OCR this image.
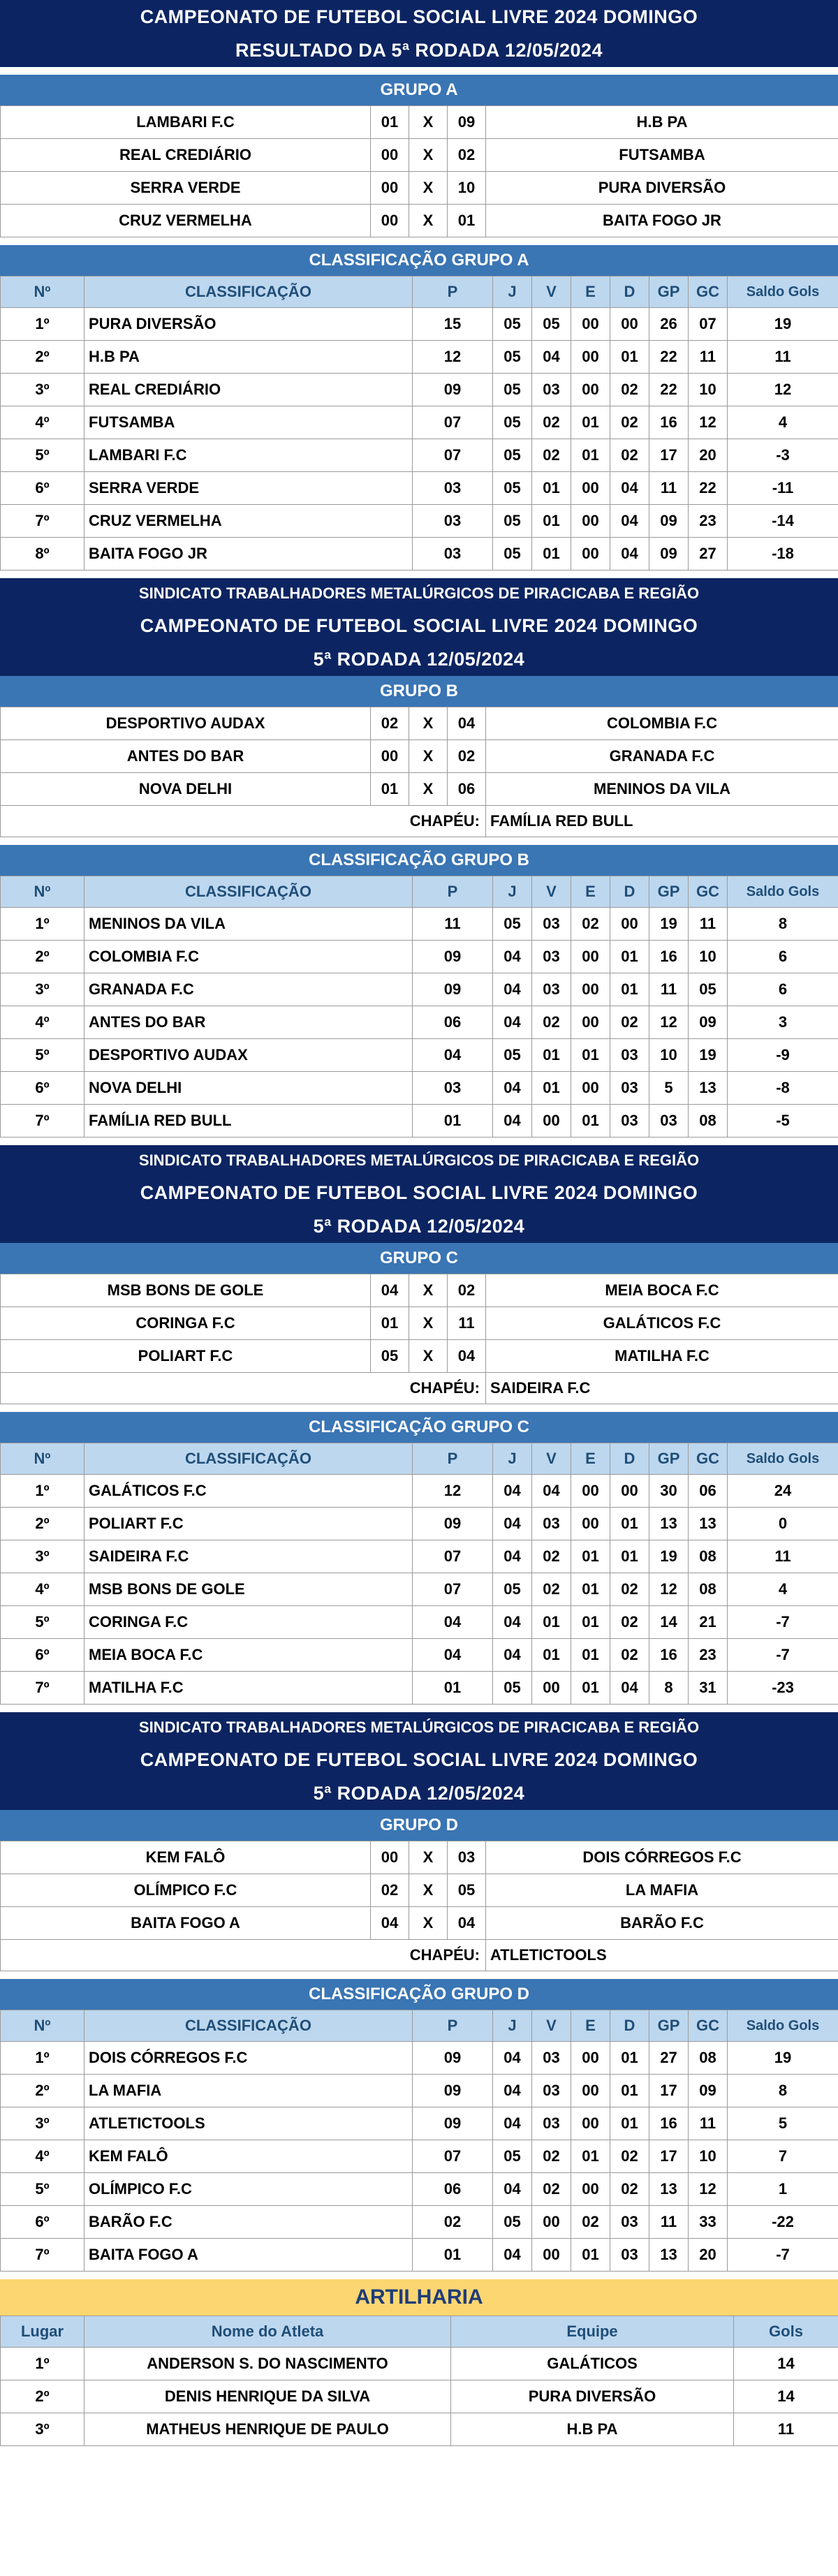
CAMPEONATO DE FUTEBOL SOCIAL LIVRE 2024 DOMINGO
RESULTADO DA 5ª RODADA 12/05/2024
GRUPO A
LAMBARI F.C	01	X	09	H.B PA
REAL CREDIÁRIO	00	X	02	FUTSAMBA
SERRA VERDE	00	X	10	PURA DIVERSÃO
CRUZ VERMELHA	00	X	01	BAITA FOGO JR
CLASSIFICAÇÃO GRUPO A
Nº	CLASSIFICAÇÃO	P	J	V	E	D	GP	GC	Saldo Gols
1º	PURA DIVERSÃO	15	05	05	00	00	26	07	19
2º	H.B PA	12	05	04	00	01	22	11	11
3º	REAL CREDIÁRIO	09	05	03	00	02	22	10	12
4º	FUTSAMBA	07	05	02	01	02	16	12	4
5º	LAMBARI F.C	07	05	02	01	02	17	20	-3
6º	SERRA VERDE	03	05	01	00	04	11	22	-11
7º	CRUZ VERMELHA	03	05	01	00	04	09	23	-14
8º	BAITA FOGO JR	03	05	01	00	04	09	27	-18
SINDICATO TRABALHADORES METALÚRGICOS DE PIRACICABA E REGIÃO
CAMPEONATO DE FUTEBOL SOCIAL LIVRE 2024 DOMINGO
5ª RODADA 12/05/2024
GRUPO B
DESPORTIVO AUDAX	02	X	04	COLOMBIA F.C
ANTES DO BAR	00	X	02	GRANADA F.C
NOVA DELHI	01	X	06	MENINOS DA VILA
CHAPÉU:				FAMÍLIA RED BULL
CLASSIFICAÇÃO GRUPO B
Nº	CLASSIFICAÇÃO	P	J	V	E	D	GP	GC	Saldo Gols
1º	MENINOS DA VILA	11	05	03	02	00	19	11	8
2º	COLOMBIA F.C	09	04	03	00	01	16	10	6
3º	GRANADA F.C	09	04	03	00	01	11	05	6
4º	ANTES DO BAR	06	04	02	00	02	12	09	3
5º	DESPORTIVO AUDAX	04	05	01	01	03	10	19	-9
6º	NOVA DELHI	03	04	01	00	03	5	13	-8
7º	FAMÍLIA RED BULL	01	04	00	01	03	03	08	-5
SINDICATO TRABALHADORES METALÚRGICOS DE PIRACICABA E REGIÃO
CAMPEONATO DE FUTEBOL SOCIAL LIVRE 2024 DOMINGO
5ª RODADA 12/05/2024
GRUPO C
MSB BONS DE GOLE	04	X	02	MEIA BOCA F.C
CORINGA F.C	01	X	11	GALÁTICOS F.C
POLIART F.C	05	X	04	MATILHA F.C
CHAPÉU:				SAIDEIRA F.C
CLASSIFICAÇÃO GRUPO C
Nº	CLASSIFICAÇÃO	P	J	V	E	D	GP	GC	Saldo Gols
1º	GALÁTICOS F.C	12	04	04	00	00	30	06	24
2º	POLIART F.C	09	04	03	00	01	13	13	0
3º	SAIDEIRA F.C	07	04	02	01	01	19	08	11
4º	MSB BONS DE GOLE	07	05	02	01	02	12	08	4
5º	CORINGA F.C	04	04	01	01	02	14	21	-7
6º	MEIA BOCA F.C	04	04	01	01	02	16	23	-7
7º	MATILHA F.C	01	05	00	01	04	8	31	-23
SINDICATO TRABALHADORES METALÚRGICOS DE PIRACICABA E REGIÃO
CAMPEONATO DE FUTEBOL SOCIAL LIVRE 2024 DOMINGO
5ª RODADA 12/05/2024
GRUPO D
KEM FALÔ	00	X	03	DOIS CÓRREGOS F.C
OLÍMPICO F.C	02	X	05	LA MAFIA
BAITA FOGO A	04	X	04	BARÃO F.C
CHAPÉU:				ATLETICTOOLS
CLASSIFICAÇÃO GRUPO D
Nº	CLASSIFICAÇÃO	P	J	V	E	D	GP	GC	Saldo Gols
1º	DOIS CÓRREGOS F.C	09	04	03	00	01	27	08	19
2º	LA MAFIA	09	04	03	00	01	17	09	8
3º	ATLETICTOOLS	09	04	03	00	01	16	11	5
4º	KEM FALÔ	07	05	02	01	02	17	10	7
5º	OLÍMPICO F.C	06	04	02	00	02	13	12	1
6º	BARÃO F.C	02	05	00	02	03	11	33	-22
7º	BAITA FOGO A	01	04	00	01	03	13	20	-7
ARTILHARIA
Lugar	Nome do Atleta	Equipe	Gols
1º	ANDERSON S. DO NASCIMENTO	GALÁTICOS	14
2º	DENIS HENRIQUE DA SILVA	PURA DIVERSÃO	14
3º	MATHEUS HENRIQUE DE PAULO	H.B PA	11
